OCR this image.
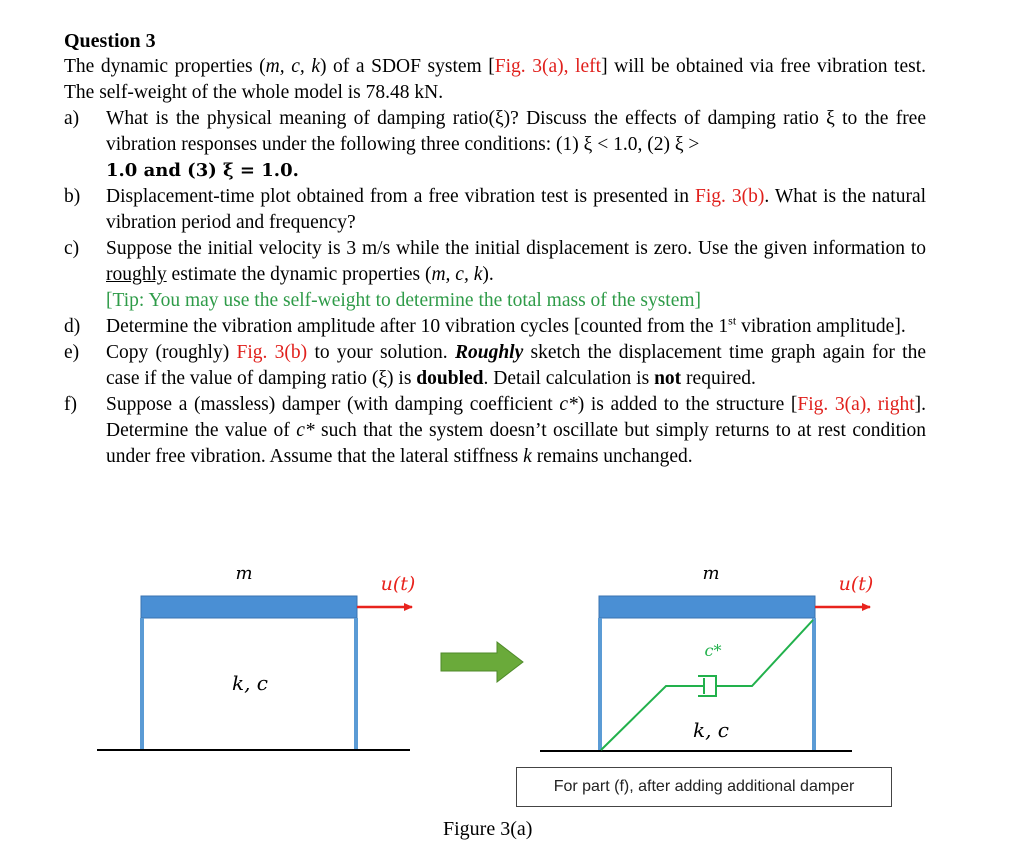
Question 3
The dynamic properties (m, c, k) of a SDOF system [Fig. 3(a), left] will be obtained via free vibration test. The self-weight of the whole model is 78.48 kN.
a) What is the physical meaning of damping ratio(ξ)? Discuss the effects of damping ratio ξ to the free vibration responses under the following three conditions: (1) ξ < 1.0, (2) ξ >
1.0 and (3) ξ = 1.0.
b) Displacement-time plot obtained from a free vibration test is presented in Fig. 3(b). What is the natural vibration period and frequency?
c) Suppose the initial velocity is 3 m/s while the initial displacement is zero. Use the given information to roughly estimate the dynamic properties (m, c, k).
[Tip: You may use the self-weight to determine the total mass of the system]
d) Determine the vibration amplitude after 10 vibration cycles [counted from the 1st vibration amplitude].
e) Copy (roughly) Fig. 3(b) to your solution. Roughly sketch the displacement time graph again for the case if the value of damping ratio (ξ) is doubled. Detail calculation is not required.
f) Suppose a (massless) damper (with damping coefficient c*) is added to the structure [Fig. 3(a), right]. Determine the value of c* such that the system doesn’t oscillate but simply returns to at rest condition under free vibration. Assume that the lateral stiffness k remains unchanged.
m	u(t)
k, c
m	u(t)
c*
k, c
For part (f), after adding additional damper
Figure 3(a)
